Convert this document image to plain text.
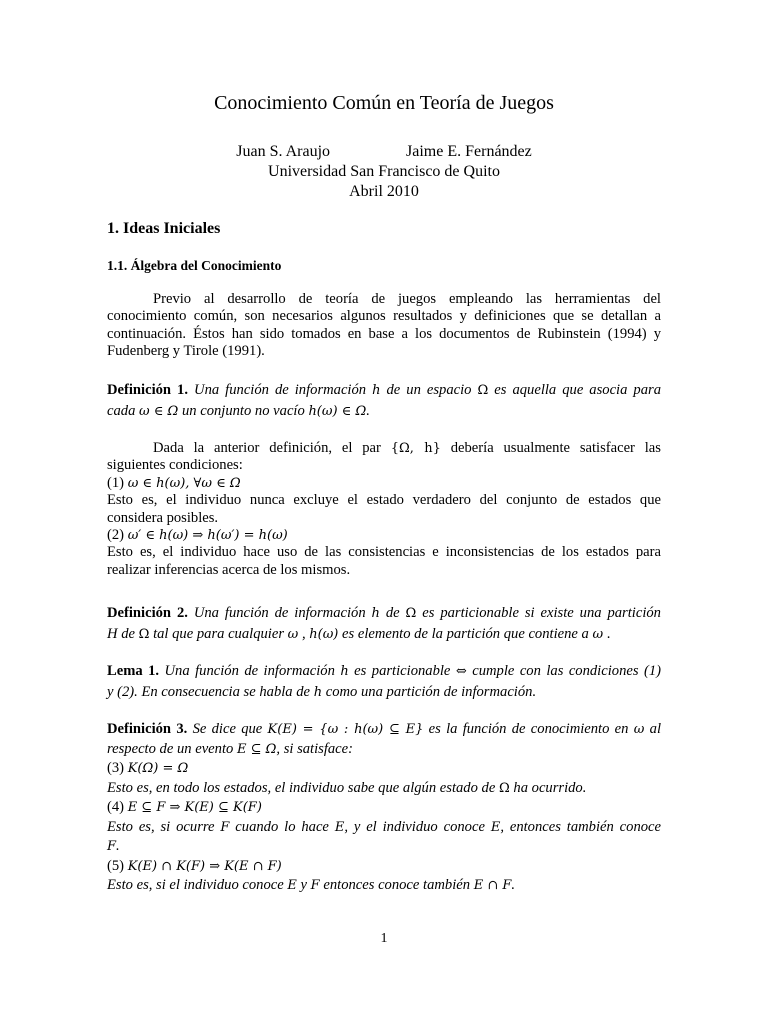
Conocimiento Común en Teoría de Juegos
Juan S. Araujo	Jaime E. Fernández
Universidad San Francisco de Quito
Abril 2010
1. Ideas Iniciales
1.1. Álgebra del Conocimiento
Previo al desarrollo de teoría de juegos empleando las herramientas del
conocimiento común, son necesarios algunos resultados y definiciones que se detallan a
continuación. Éstos han sido tomados en base a los documentos de Rubinstein (1994) y
Fudenberg y Tirole (1991).
Definición 1. Una función de información h de un espacio Ω es aquella que asocia para
cada ω ∈ Ω un conjunto no vacío h(ω) ∈ Ω.
Dada la anterior definición, el par {Ω, h} debería usualmente satisfacer las
siguientes condiciones:
(1) ω ∈ h(ω), ∀ω ∈ Ω
Esto es, el individuo nunca excluye el estado verdadero del conjunto de estados que
considera posibles.
(2) ω′ ∈ h(ω) ⇒ h(ω′) = h(ω)
Esto es, el individuo hace uso de las consistencias e inconsistencias de los estados para
realizar inferencias acerca de los mismos.
Definición 2. Una función de información h de Ω es particionable si existe una partición
H de Ω tal que para cualquier ω , h(ω) es elemento de la partición que contiene a ω .
Lema 1. Una función de información h es particionable ⇔ cumple con las condiciones (1)
y (2). En consecuencia se habla de h como una partición de información.
Definición 3. Se dice que K(E) = {ω : h(ω) ⊆ E} es la función de conocimiento en ω al
respecto de un evento E ⊆ Ω, si satisface:
(3) K(Ω) = Ω
Esto es, en todo los estados, el individuo sabe que algún estado de Ω ha ocurrido.
(4) E ⊆ F ⇒ K(E) ⊆ K(F)
Esto es, si ocurre F cuando lo hace E, y el individuo conoce E, entonces también conoce
F.
(5) K(E) ∩ K(F) ⇒ K(E ∩ F)
Esto es, si el individuo conoce E y F entonces conoce también E ∩ F.
1
